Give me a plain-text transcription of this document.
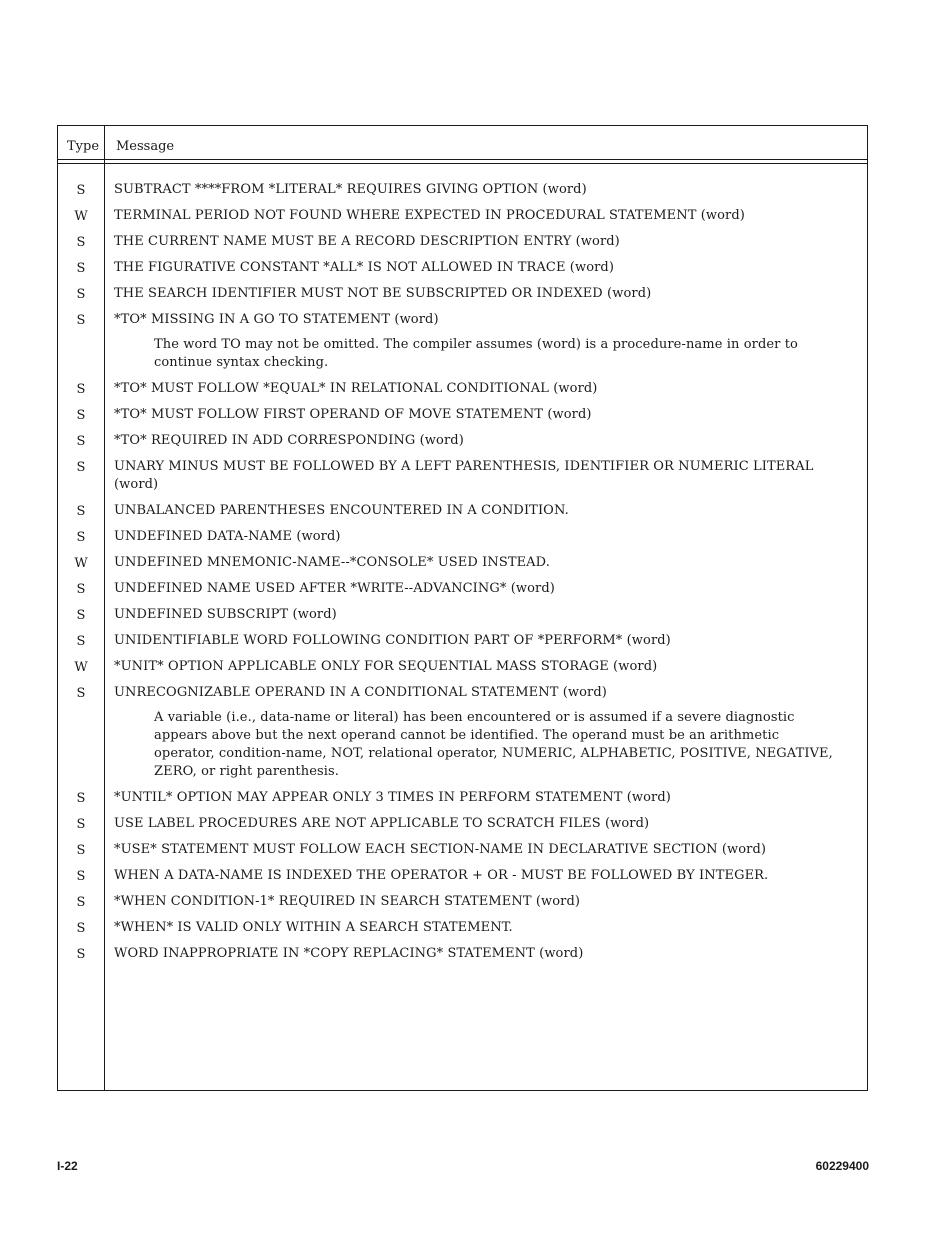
Type Message
S	SUBTRACT ****FROM *LITERAL* REQUIRES GIVING OPTION (word)
W	TERMINAL PERIOD NOT FOUND WHERE EXPECTED IN PROCEDURAL STATEMENT (word)
S	THE CURRENT NAME MUST BE A RECORD DESCRIPTION ENTRY (word)
S	THE FIGURATIVE CONSTANT *ALL* IS NOT ALLOWED IN TRACE (word)
S	THE SEARCH IDENTIFIER MUST NOT BE SUBSCRIPTED OR INDEXED (word)
S	*TO* MISSING IN A GO TO STATEMENT (word)
The word TO may not be omitted. The compiler assumes (word) is a procedure-name in order to continue syntax checking.
S	*TO* MUST FOLLOW *EQUAL* IN RELATIONAL CONDITIONAL (word)
S	*TO* MUST FOLLOW FIRST OPERAND OF MOVE STATEMENT (word)
S	*TO* REQUIRED IN ADD CORRESPONDING (word)
S	UNARY MINUS MUST BE FOLLOWED BY A LEFT PARENTHESIS, IDENTIFIER OR NUMERIC LITERAL (word)
S	UNBALANCED PARENTHESES ENCOUNTERED IN A CONDITION.
S	UNDEFINED DATA-NAME (word)
W	UNDEFINED MNEMONIC-NAME--*CONSOLE* USED INSTEAD.
S	UNDEFINED NAME USED AFTER *WRITE--ADVANCING* (word)
S	UNDEFINED SUBSCRIPT (word)
S	UNIDENTIFIABLE WORD FOLLOWING CONDITION PART OF *PERFORM* (word)
W	*UNIT* OPTION APPLICABLE ONLY FOR SEQUENTIAL MASS STORAGE (word)
S	UNRECOGNIZABLE OPERAND IN A CONDITIONAL STATEMENT (word)
A variable (i.e., data-name or literal) has been encountered or is assumed if a severe diagnostic appears above but the next operand cannot be identified. The operand must be an arithmetic operator, condition-name, NOT, relational operator, NUMERIC, ALPHABETIC, POSITIVE, NEGATIVE, ZERO, or right parenthesis.
S	*UNTIL* OPTION MAY APPEAR ONLY 3 TIMES IN PERFORM STATEMENT (word)
S	USE LABEL PROCEDURES ARE NOT APPLICABLE TO SCRATCH FILES (word)
S	*USE* STATEMENT MUST FOLLOW EACH SECTION-NAME IN DECLARATIVE SECTION (word)
S	WHEN A DATA-NAME IS INDEXED THE OPERATOR + OR - MUST BE FOLLOWED BY INTEGER.
S	*WHEN CONDITION-1* REQUIRED IN SEARCH STATEMENT (word)
S	*WHEN* IS VALID ONLY WITHIN A SEARCH STATEMENT.
S	WORD INAPPROPRIATE IN *COPY REPLACING* STATEMENT (word)
I-22	60229400
